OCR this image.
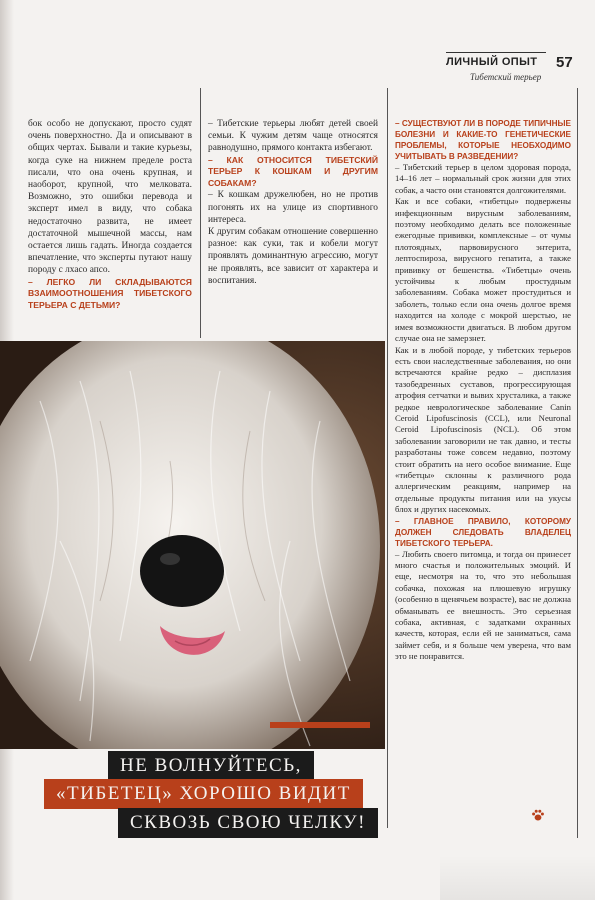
ЛИЧНЫЙ ОПЫТ 57
Тибетский терьер

бок особо не допускают, просто судят очень поверхностно. Да и описывают в общих чертах. Бывали и такие курьезы, когда суке на нижнем пределе роста писали, что она очень крупная, и наоборот, крупной, что мелковата. Возможно, это ошибки перевода и эксперт имел в виду, что собака недостаточно развита, не имеет достаточной мышечной массы, нам остается лишь гадать. Иногда создается впечатление, что эксперты путают нашу породу с лхасо апсо.

– ЛЕГКО ЛИ СКЛАДЫВАЮТСЯ ВЗАИМООТНОШЕНИЯ ТИБЕТСКОГО ТЕРЬЕРА С ДЕТЬМИ?

– Тибетские терьеры любят детей своей семьи. К чужим детям чаще относятся равнодушно, прямого контакта избегают.

– КАК ОТНОСИТСЯ ТИБЕТСКИЙ ТЕРЬЕР К КОШКАМ И ДРУГИМ СОБАКАМ?

– К кошкам дружелюбен, но не против погонять их на улице из спортивного интереса.

К другим собакам отношение совершенно разное: как суки, так и кобели могут проявлять доминантную агрессию, могут не проявлять, все зависит от характера и воспитания.

– СУЩЕСТВУЮТ ЛИ В ПОРОДЕ ТИПИЧНЫЕ БОЛЕЗНИ И КАКИЕ-ТО ГЕНЕТИЧЕСКИЕ ПРОБЛЕМЫ, КОТОРЫЕ НЕОБХОДИМО УЧИТЫВАТЬ В РАЗВЕДЕНИИ?

– Тибетский терьер в целом здоровая порода, 14–16 лет – нормальный срок жизни для этих собак, а часто они становятся долгожителями.

Как и все собаки, «тибетцы» подвержены инфекционным вирусным заболеваниям, поэтому необходимо делать все положенные ежегодные прививки, комплексные – от чумы плотоядных, парвовирусного энтерита, лептоспироза, вирусного гепатита, а также прививку от бешенства. «Тибетцы» очень устойчивы к любым простудным заболеваниям. Собака может простудиться и заболеть, только если она очень долгое время находится на холоде с мокрой шерстью, не имея возможности двигаться. В любом другом случае она не замерзнет.

Как и в любой породе, у тибетских терьеров есть свои наследственные заболевания, но они встречаются крайне редко – дисплазия тазобедренных суставов, прогрессирующая атрофия сетчатки и вывих хрусталика, а также редкое неврологическое заболевание Canin Ceroid Lipofuscinosis (CCL), или Neuronal Ceroid Lipofuscinosis (NCL). Об этом заболевании заговорили не так давно, и тесты разработаны тоже совсем недавно, поэтому стоит обратить на него особое внимание. Еще «тибетцы» склонны к различного рода аллергическим реакциям, например на отдельные продукты питания или на укусы блох и других насекомых.

– ГЛАВНОЕ ПРАВИЛО, КОТОРОМУ ДОЛЖЕН СЛЕДОВАТЬ ВЛАДЕЛЕЦ ТИБЕТСКОГО ТЕРЬЕРА.

– Любить своего питомца, и тогда он принесет много счастья и положительных эмоций. И еще, несмотря на то, что это небольшая собачка, похожая на плюшевую игрушку (особенно в щенячьем возрасте), вас не должна обманывать ее внешность. Это серьезная собака, активная, с задатками охранных качеств, которая, если ей не заниматься, сама займет себя, и я больше чем уверена, что вам это не понравится.

НЕ ВОЛНУЙТЕСЬ,
«ТИБЕТЕЦ» ХОРОШО ВИДИТ
СКВОЗЬ СВОЮ ЧЕЛКУ!
